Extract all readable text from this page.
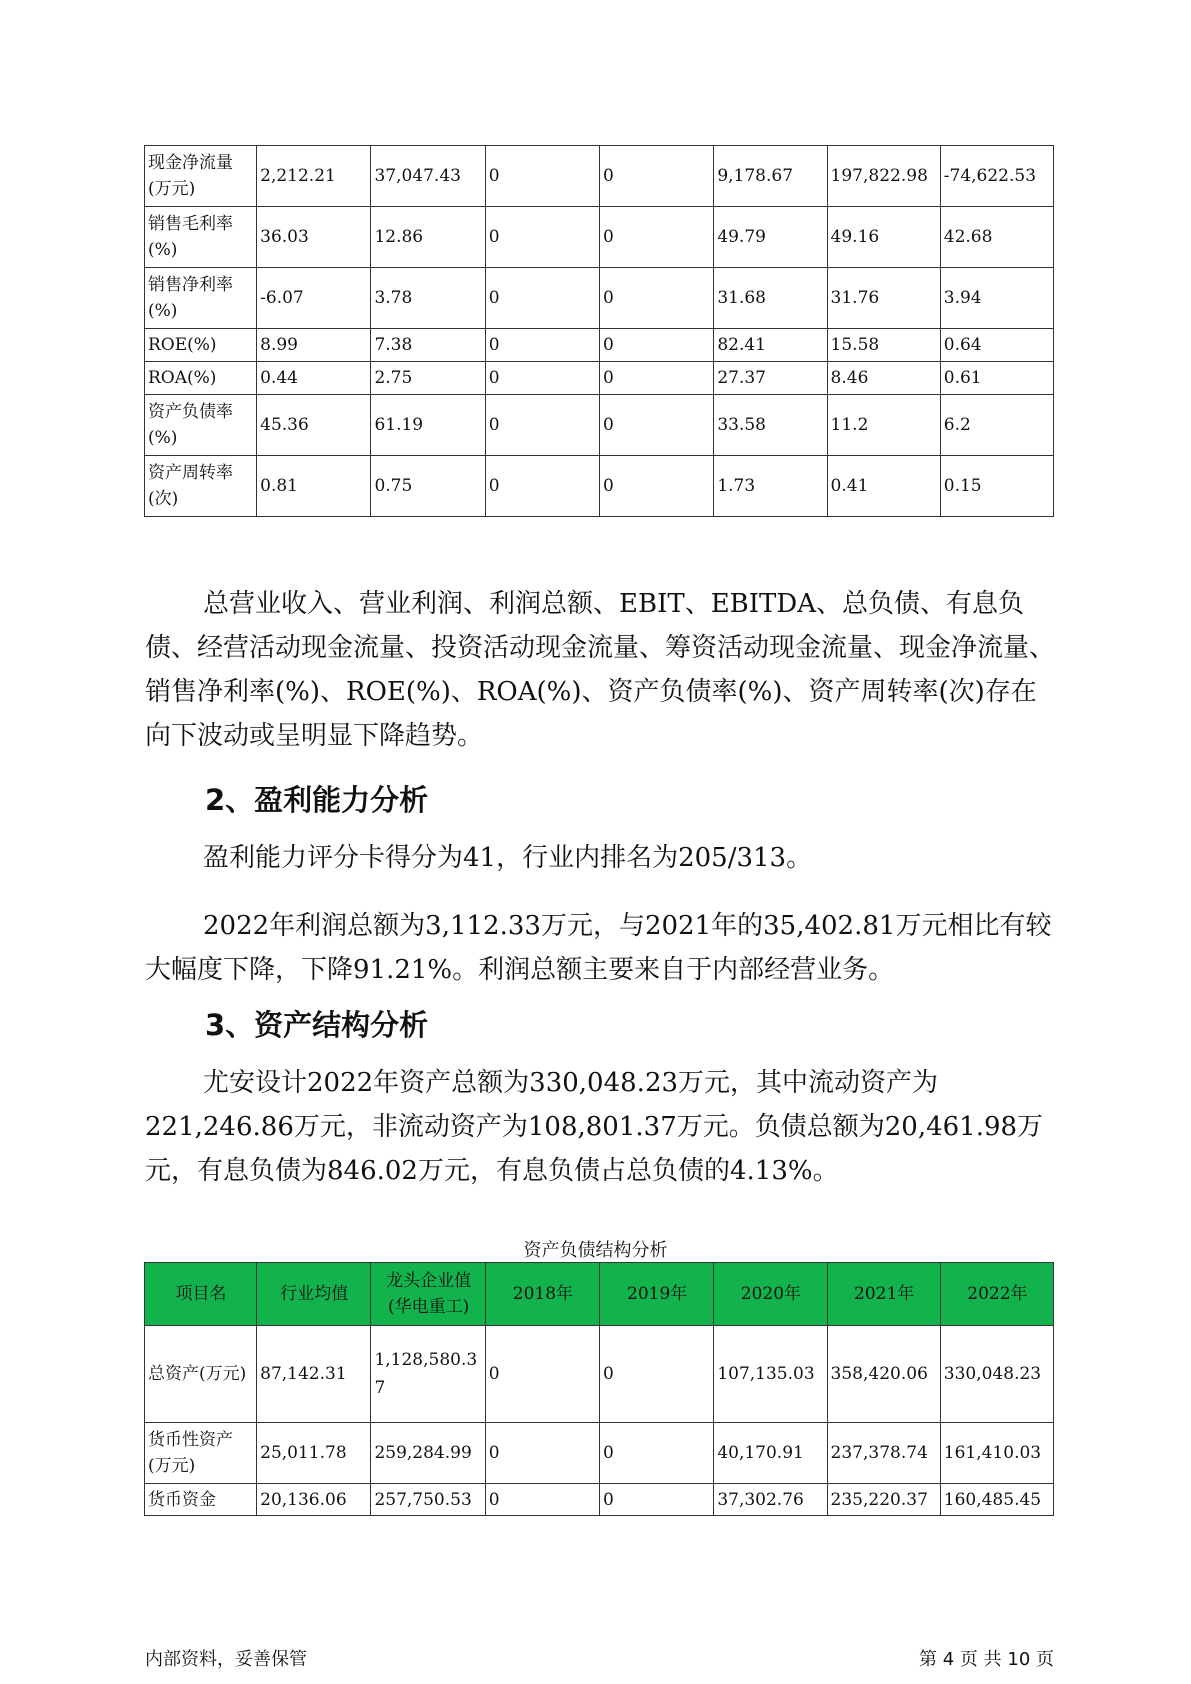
现金净流量(万元)	2,212.21	37,047.43	0	0	9,178.67	197,822.98	-74,622.53
销售毛利率(%)	36.03	12.86	0	0	49.79	49.16	42.68
销售净利率(%)	-6.07	3.78	0	0	31.68	31.76	3.94
ROE(%)	8.99	7.38	0	0	82.41	15.58	0.64
ROA(%)	0.44	2.75	0	0	27.37	8.46	0.61
资产负债率(%)	45.36	61.19	0	0	33.58	11.2	6.2
资产周转率(次)	0.81	0.75	0	0	1.73	0.41	0.15
总营业收入、营业利润、利润总额、EBIT、EBITDA、总负债、有息负债、经营活动现金流量、投资活动现金流量、筹资活动现金流量、现金净流量、销售净利率(%)、ROE(%)、ROA(%)、资产负债率(%)、资产周转率(次)存在向下波动或呈明显下降趋势。
2、盈利能力分析
盈利能力评分卡得分为41，行业内排名为205/313。
2022年利润总额为3,112.33万元，与2021年的35,402.81万元相比有较大幅度下降，下降91.21%。利润总额主要来自于内部经营业务。
3、资产结构分析
尤安设计2022年资产总额为330,048.23万元，其中流动资产为221,246.86万元，非流动资产为108,801.37万元。负债总额为20,461.98万元，有息负债为846.02万元，有息负债占总负债的4.13%。
资产负债结构分析
项目名	行业均值	龙头企业值(华电重工)	2018年	2019年	2020年	2021年	2022年
总资产(万元)	87,142.31	1,128,580.37	0	0	107,135.03	358,420.06	330,048.23
货币性资产(万元)	25,011.78	259,284.99	0	0	40,170.91	237,378.74	161,410.03
货币资金	20,136.06	257,750.53	0	0	37,302.76	235,220.37	160,485.45
内部资料，妥善保管	第 4 页 共 10 页
